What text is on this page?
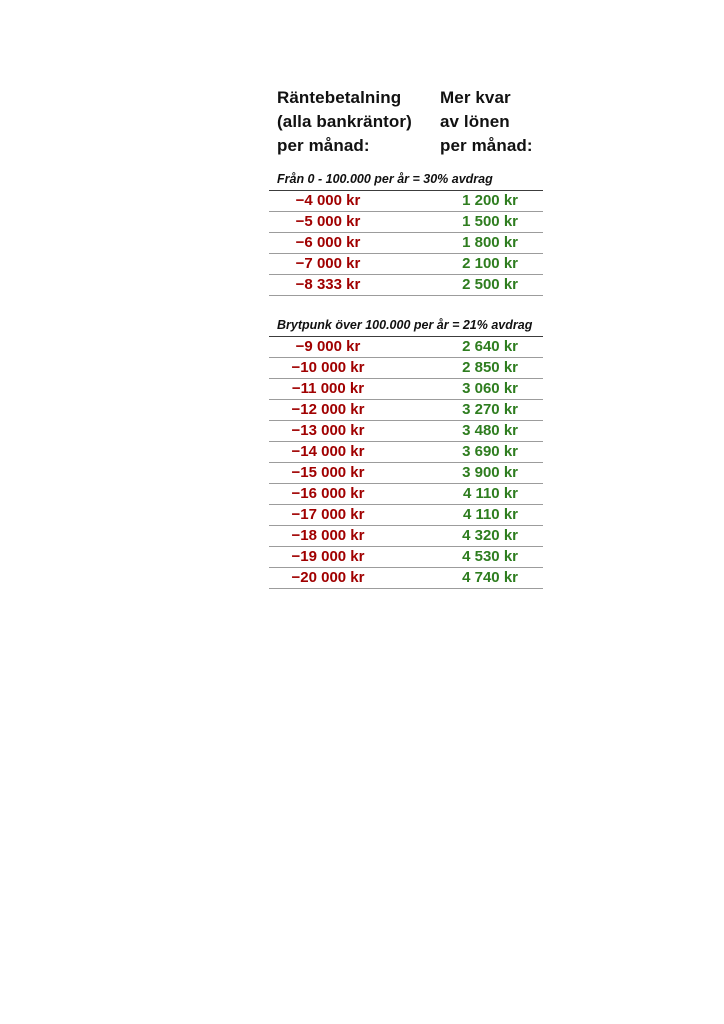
Räntebetalning
(alla bankräntor)
per månad:
Mer kvar
av lönen
per månad:
Från 0 - 100.000 per år = 30% avdrag
−4 000 kr	1 200 kr
−5 000 kr	1 500 kr
−6 000 kr	1 800 kr
−7 000 kr	2 100 kr
−8 333 kr	2 500 kr
Brytpunk över 100.000 per år = 21% avdrag
−9 000 kr	2 640 kr
−10 000 kr	2 850 kr
−11 000 kr	3 060 kr
−12 000 kr	3 270 kr
−13 000 kr	3 480 kr
−14 000 kr	3 690 kr
−15 000 kr	3 900 kr
−16 000 kr	4 110 kr
−17 000 kr	4 110 kr
−18 000 kr	4 320 kr
−19 000 kr	4 530 kr
−20 000 kr	4 740 kr
